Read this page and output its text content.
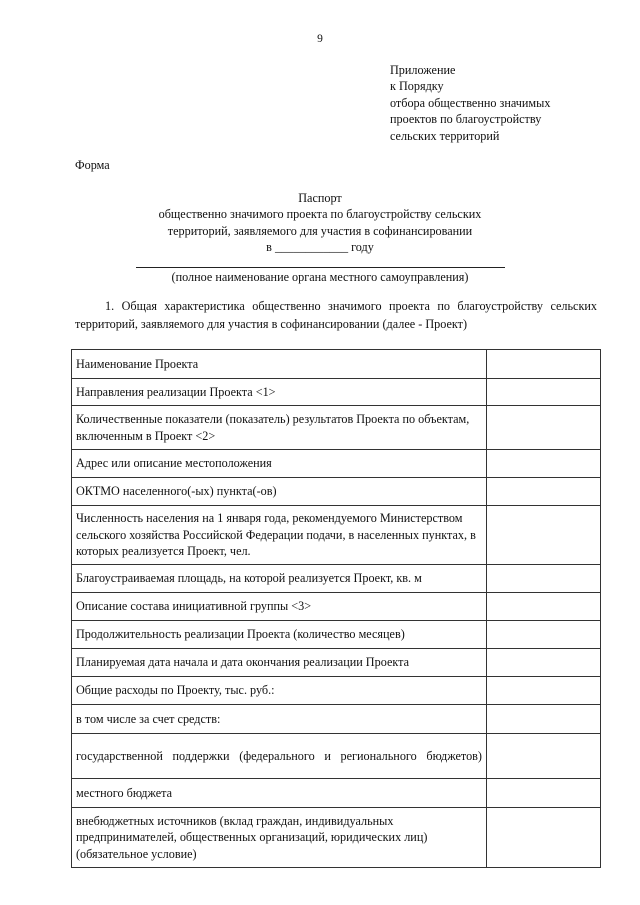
9
Приложение
к Порядку
отбора общественно значимых
проектов по благоустройству
сельских территорий
Форма
Паспорт
общественно значимого проекта по благоустройству сельских
территорий, заявляемого для участия в софинансировании
в ____________ году
(полное наименование органа местного самоуправления)
1. Общая характеристика общественно значимого проекта по благоустройству сельских территорий, заявляемого для участия в софинансировании (далее - Проект)
Наименование Проекта	
Направления реализации Проекта <1>	
Количественные показатели (показатель) результатов Проекта по объектам, включенным в Проект <2>	
Адрес или описание местоположения	
ОКТМО населенного(-ых) пункта(-ов)	
Численность населения на 1 января года, рекомендуемого Министерством сельского хозяйства Российской Федерации подачи, в населенных пунктах, в которых реализуется Проект, чел.	
Благоустраиваемая площадь, на которой реализуется Проект, кв. м	
Описание состава инициативной группы <3>	
Продолжительность реализации Проекта (количество месяцев)	
Планируемая дата начала и дата окончания реализации Проекта	
Общие расходы по Проекту, тыс. руб.:	
в том числе за счет средств:	
государственной поддержки (федерального и регионального бюджетов)	
местного бюджета	
внебюджетных источников (вклад граждан, индивидуальных предпринимателей, общественных организаций, юридических лиц) (обязательное условие)	
